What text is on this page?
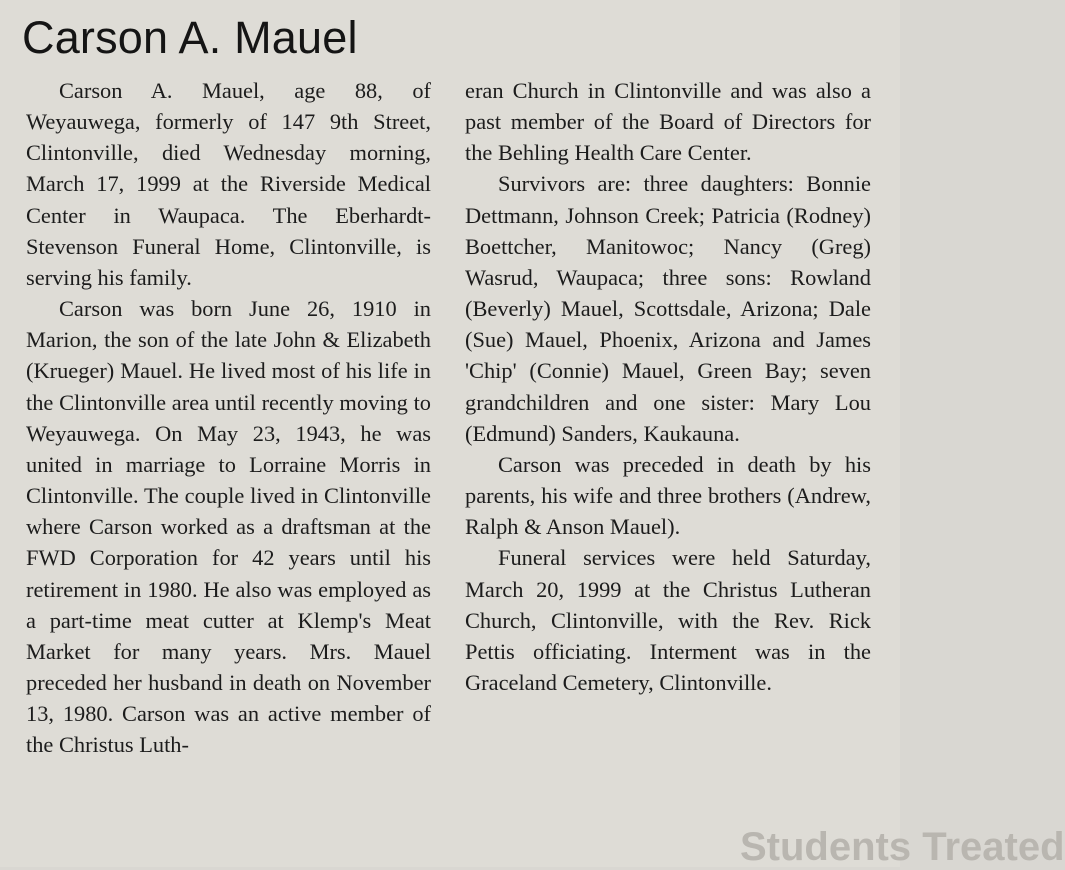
Carson A. Mauel

Carson A. Mauel, age 88, of Weyauwega, formerly of 147 9th Street, Clintonville, died Wednesday morning, March 17, 1999 at the Riverside Medical Center in Waupaca. The Eberhardt-Stevenson Funeral Home, Clintonville, is serving his family.

Carson was born June 26, 1910 in Marion, the son of the late John & Elizabeth (Krueger) Mauel. He lived most of his life in the Clintonville area until recently moving to Weyauwega. On May 23, 1943, he was united in marriage to Lorraine Morris in Clintonville. The couple lived in Clintonville where Carson worked as a draftsman at the FWD Corporation for 42 years until his retirement in 1980. He also was employed as a part-time meat cutter at Klemp's Meat Market for many years. Mrs. Mauel preceded her husband in death on November 13, 1980. Carson was an active member of the Christus Luth-

eran Church in Clintonville and was also a past member of the Board of Directors for the Behling Health Care Center.

Survivors are: three daughters: Bonnie Dettmann, Johnson Creek; Patricia (Rodney) Boettcher, Manitowoc; Nancy (Greg) Wasrud, Waupaca; three sons: Rowland (Beverly) Mauel, Scottsdale, Arizona; Dale (Sue) Mauel, Phoenix, Arizona and James 'Chip' (Connie) Mauel, Green Bay; seven grandchildren and one sister: Mary Lou (Edmund) Sanders, Kaukauna.

Carson was preceded in death by his parents, his wife and three brothers (Andrew, Ralph & Anson Mauel).

Funeral services were held Saturday, March 20, 1999 at the Christus Lutheran Church, Clintonville, with the Rev. Rick Pettis officiating. Interment was in the Graceland Cemetery, Clintonville.

Students Treated
